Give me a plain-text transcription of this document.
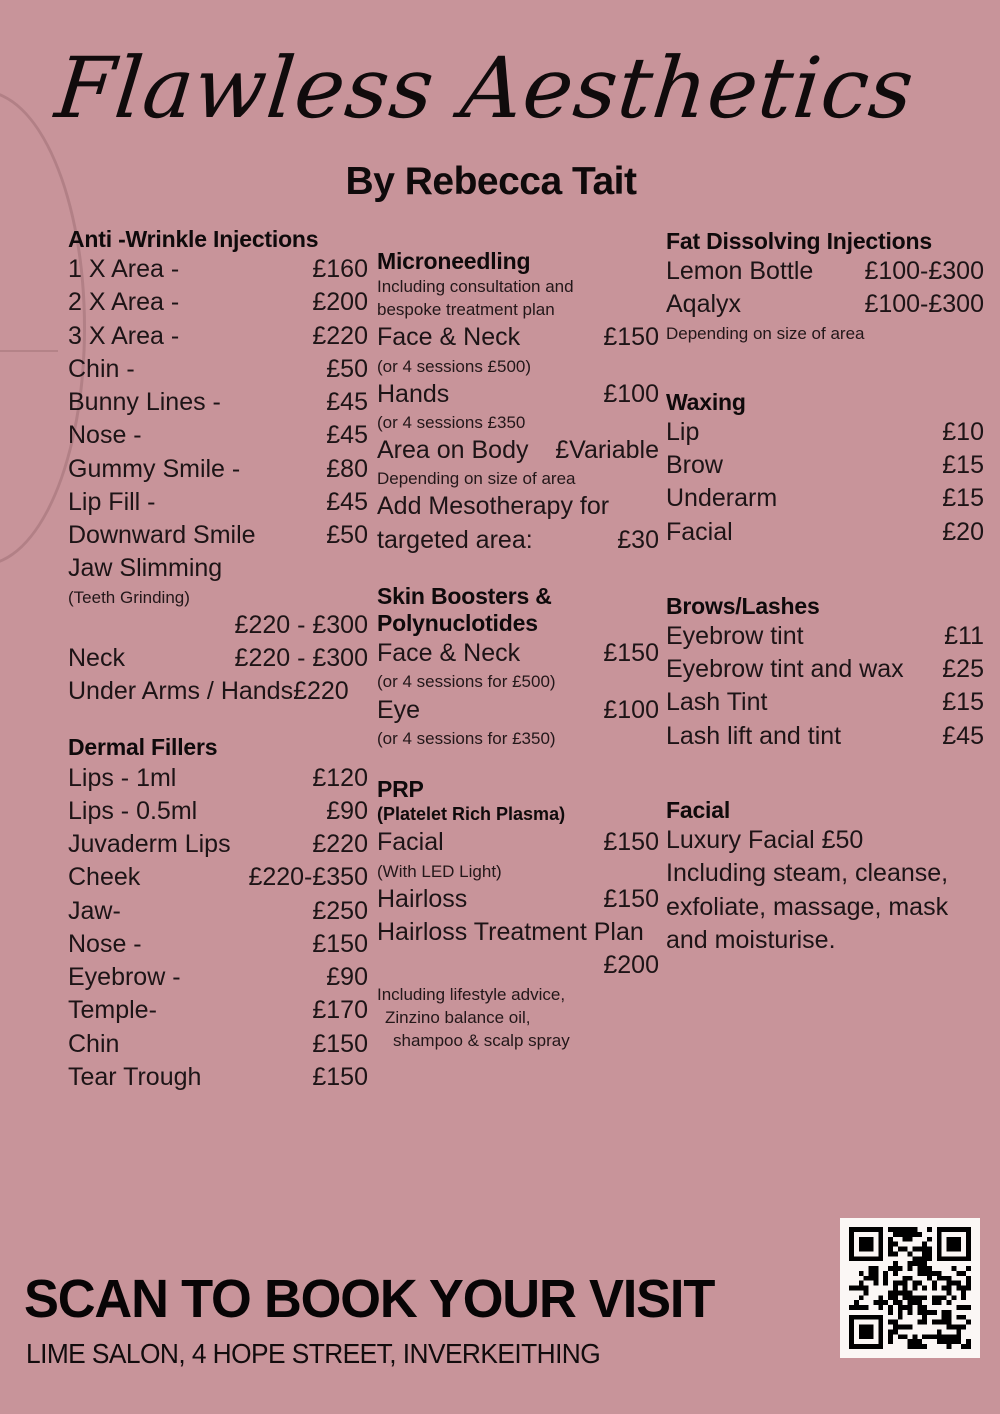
Flawless Aesthetics
By Rebecca Tait
Anti -Wrinkle Injections
1 X Area -	£160
2 X Area -	£200
3 X Area -	£220
Chin -	£50
Bunny Lines -	£45
Nose -	£45
Gummy Smile -	£80
Lip Fill -	£45
Downward Smile	£50
Jaw Slimming
(Teeth Grinding)
£220 - £300
Neck	£220 - £300
Under Arms / Hands£220
Dermal Fillers
Lips - 1ml	£120
Lips - 0.5ml	£90
Juvaderm Lips	£220
Cheek	£220-£350
Jaw-	£250
Nose -	£150
Eyebrow -	£90
Temple-	£170
Chin	£150
Tear Trough	£150
Microneedling
Including consultation and
bespoke treatment plan
Face & Neck	£150
(or 4 sessions £500)
Hands	£100
(or 4 sessions £350
Area on Body £Variable
Depending on size of area
Add Mesotherapy for
targeted area:	£30
Skin Boosters &
Polynuclotides
Face & Neck	£150
(or 4 sessions for £500)
Eye	£100
(or 4 sessions for £350)
PRP
(Platelet Rich Plasma)
Facial	£150
(With LED Light)
Hairloss	£150
Hairloss Treatment Plan
£200
Including lifestyle advice,
Zinzino balance oil,
shampoo & scalp spray
Fat Dissolving Injections
Lemon Bottle £100-£300
Aqalyx	£100-£300
Depending on size of area
Waxing
Lip	£10
Brow	£15
Underarm	£15
Facial	£20
Brows/Lashes
Eyebrow tint	£11
Eyebrow tint and wax £25
Lash Tint	£15
Lash lift and tint	£45
Facial
Luxury Facial £50
Including steam, cleanse,
exfoliate, massage, mask
and moisturise.
SCAN TO BOOK YOUR VISIT
LIME SALON, 4 HOPE STREET, INVERKEITHING
